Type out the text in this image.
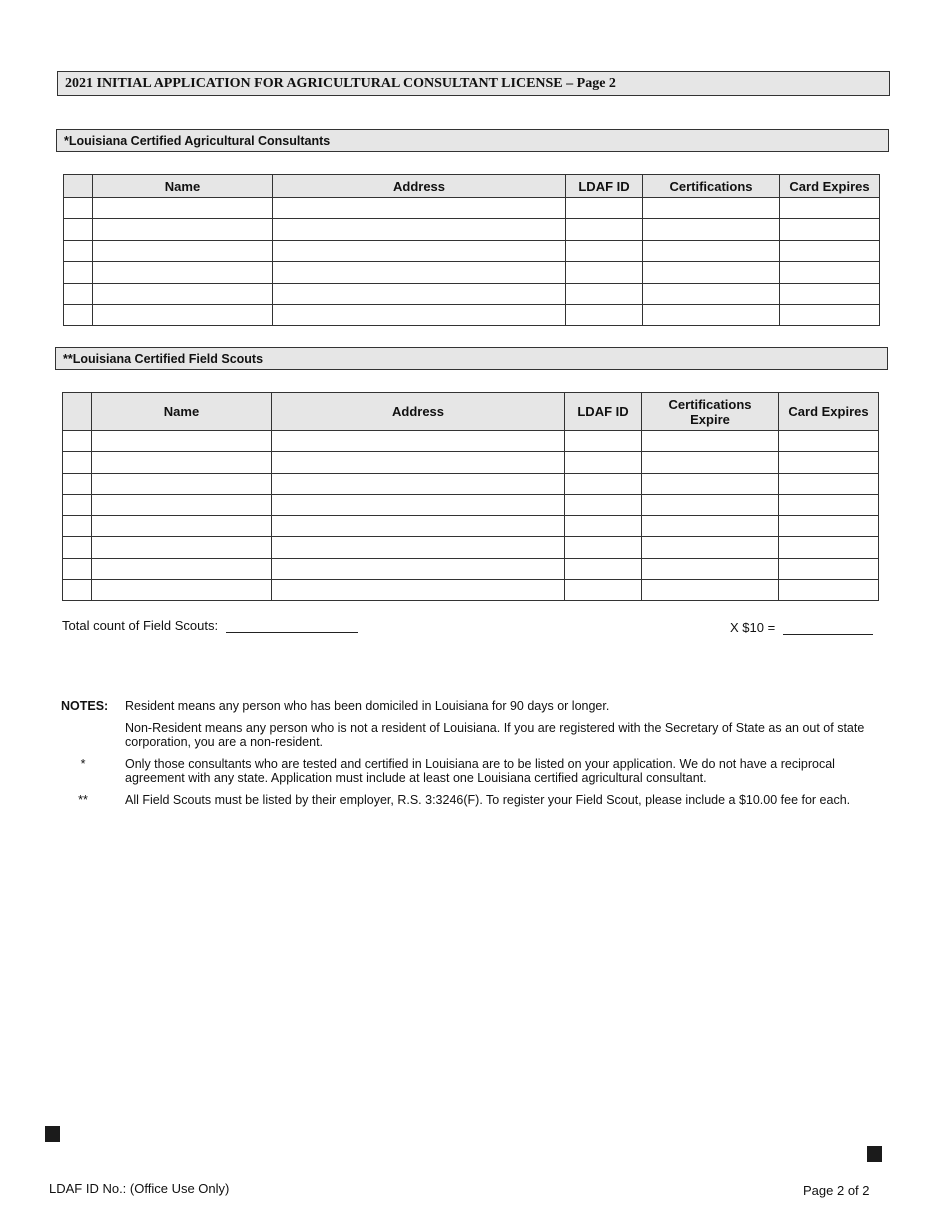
2021 INITIAL APPLICATION FOR AGRICULTURAL CONSULTANT LICENSE – Page 2
*Louisiana Certified Agricultural Consultants
	Name	Address	LDAF ID	Certifications	Card Expires

**Louisiana Certified Field Scouts
	Name	Address	LDAF ID	Certifications Expire	Card Expires

Total count of Field Scouts:	X $10 =
NOTES:	Resident means any person who has been domiciled in Louisiana for 90 days or longer.
Non-Resident means any person who is not a resident of Louisiana. If you are registered with the Secretary of State as an out of state corporation, you are a non-resident.
*	Only those consultants who are tested and certified in Louisiana are to be listed on your application. We do not have a reciprocal agreement with any state. Application must include at least one Louisiana certified agricultural consultant.
**	All Field Scouts must be listed by their employer, R.S. 3:3246(F). To register your Field Scout, please include a $10.00 fee for each.
LDAF ID No.: (Office Use Only)	Page 2 of 2
